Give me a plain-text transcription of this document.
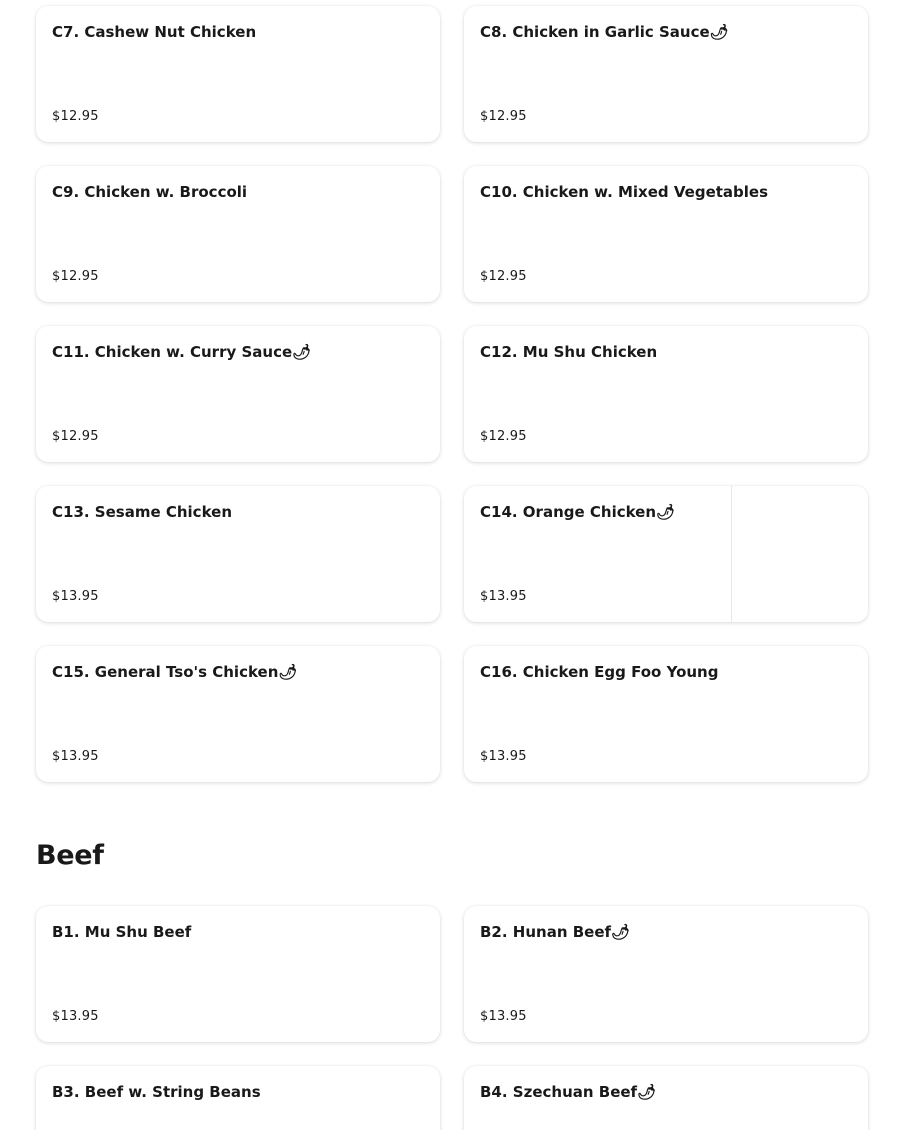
C7. Cashew Nut Chicken
$12.95
C8. Chicken in Garlic Sauce🌶
$12.95
C9. Chicken w. Broccoli
$12.95
C10. Chicken w. Mixed Vegetables
$12.95
C11. Chicken w. Curry Sauce🌶
$12.95
C12. Mu Shu Chicken
$12.95
C13. Sesame Chicken
$13.95
C14. Orange Chicken🌶
$13.95
C15. General Tso's Chicken🌶
$13.95
C16. Chicken Egg Foo Young
$13.95
Beef
B1. Mu Shu Beef
$13.95
B2. Hunan Beef🌶
$13.95
B3. Beef w. String Beans	B4. Szechuan Beef🌶
